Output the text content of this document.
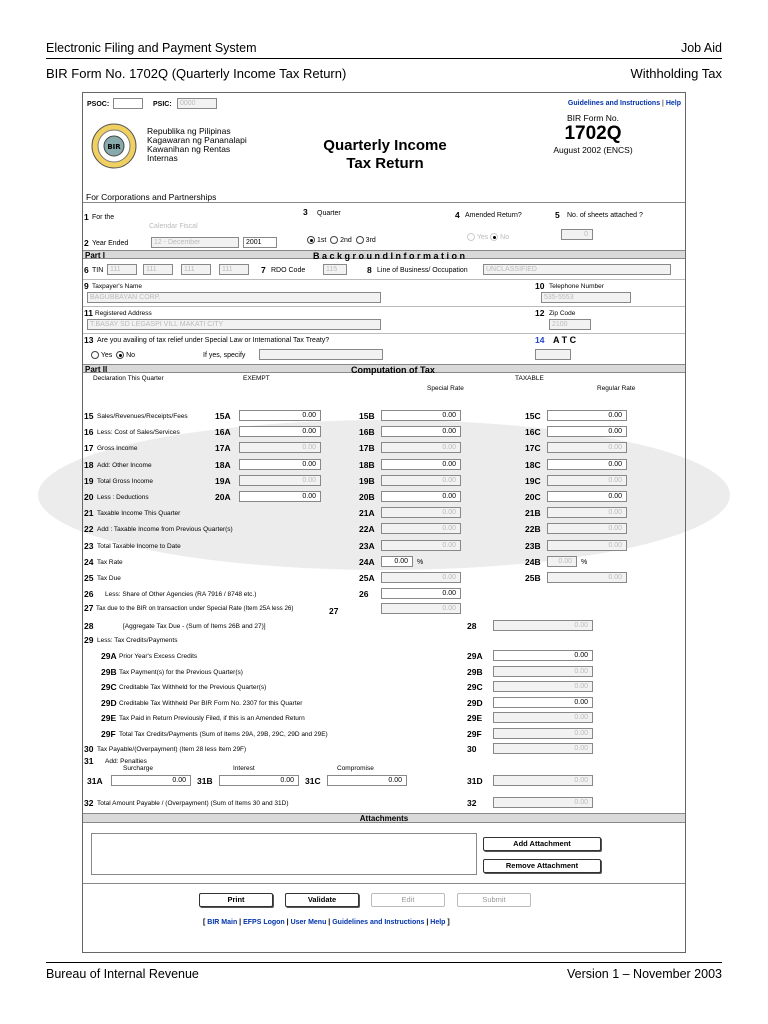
Electronic Filing and Payment System	Job Aid
BIR Form No. 1702Q (Quarterly Income Tax Return)	Withholding Tax
PSOC:	PSIC:	0000	Guidelines and Instructions | Help
BIR
Republika ng Pilipinas
Kagawaran ng Pananalapi
Kawanihan ng Rentas
Internas
Quarterly Income
Tax Return
BIR Form No.
1702Q
August 2002 (ENCS)
For Corporations and Partnerships
1 For the
Calendar Fiscal
2 Year Ended	12 - December	2001
3 Quarter
1st 2nd 3rd
4 Amended Return?
Yes No
5 No. of sheets attached ?
0
Part I	B a c k g r o u n d I n f o r m a t i o n
6 TIN 111	111	111	111	7 RDO Code	115	8 Line of Business/ Occupation	UNCLASSIFIED
9 Taxpayer's Name
BAGUBBAYAN CORP.
10 Telephone Number
535-5553
11 Registered Address
T.BASAY SD LEGASPI VILL MAKATI CITY
12 Zip Code
2100
13 Are you availing of tax relief under Special Law or International Tax Treaty?
Yes No	If yes, specify
14 A T C
Part II	Computation of Tax
Declaration This Quarter	EXEMPT	TAXABLE
Special Rate	Regular Rate
15 Sales/Revenues/Receipts/Fees	15A	0.00	15B	0.00	15C	0.00
16 Less: Cost of Sales/Services	16A	0.00	16B	0.00	16C	0.00
17 Gross Income	17A	0.00	17B	0.00	17C	0.00
18 Add: Other Income	18A	0.00	18B	0.00	18C	0.00
19 Total Gross Income	19A	0.00	19B	0.00	19C	0.00
20 Less : Deductions	20A	0.00	20B	0.00	20C	0.00
21 Taxable Income This Quarter	21A	0.00	21B	0.00
22 Add : Taxable Income from Previous Quarter(s)	22A	0.00	22B	0.00
23 Total Taxable Income to Date	23A	0.00	23B	0.00
24 Tax Rate	24A	0.00	%	24B	0.00	%
25 Tax Due	25A	0.00	25B	0.00
26 Less: Share of Other Agencies (RA 7916 / 8748 etc.)	26	0.00
27 Tax due to the BIR on transaction under Special Rate (Item 25A less 26)	27	0.00
28	[Aggregate Tax Due - (Sum of Items 26B and 27)]	28	0.00
29 Less: Tax Credits/Payments
29A Prior Year's Excess Credits	29A	0.00
29B Tax Payment(s) for the Previous Quarter(s)	29B	0.00
29C Creditable Tax Withheld for the Previous Quarter(s)	29C	0.00
29D Creditable Tax Withheld Per BIR Form No. 2307 for this Quarter	29D	0.00
29E Tax Paid in Return Previously Filed, if this is an Amended Return	29E	0.00
29F Total Tax Credits/Payments (Sum of Items 29A, 29B, 29C, 29D and 29E)	29F	0.00
30 Tax Payable/(Overpayment) (Item 28 less Item 29F)	30	0.00
31 Add: Penalties
Surcharge	Interest	Compromise
31A	0.00	31B	0.00	31C	0.00	31D	0.00
32 Total Amount Payable / (Overpayment) (Sum of Items 30 and 31D)	32	0.00
Attachments
Add Attachment
Remove Attachment
Print	Validate	Edit	Submit
[ BIR Main | EFPS Logon | User Menu | Guidelines and Instructions | Help ]
Bureau of Internal Revenue	Version 1 – November 2003
